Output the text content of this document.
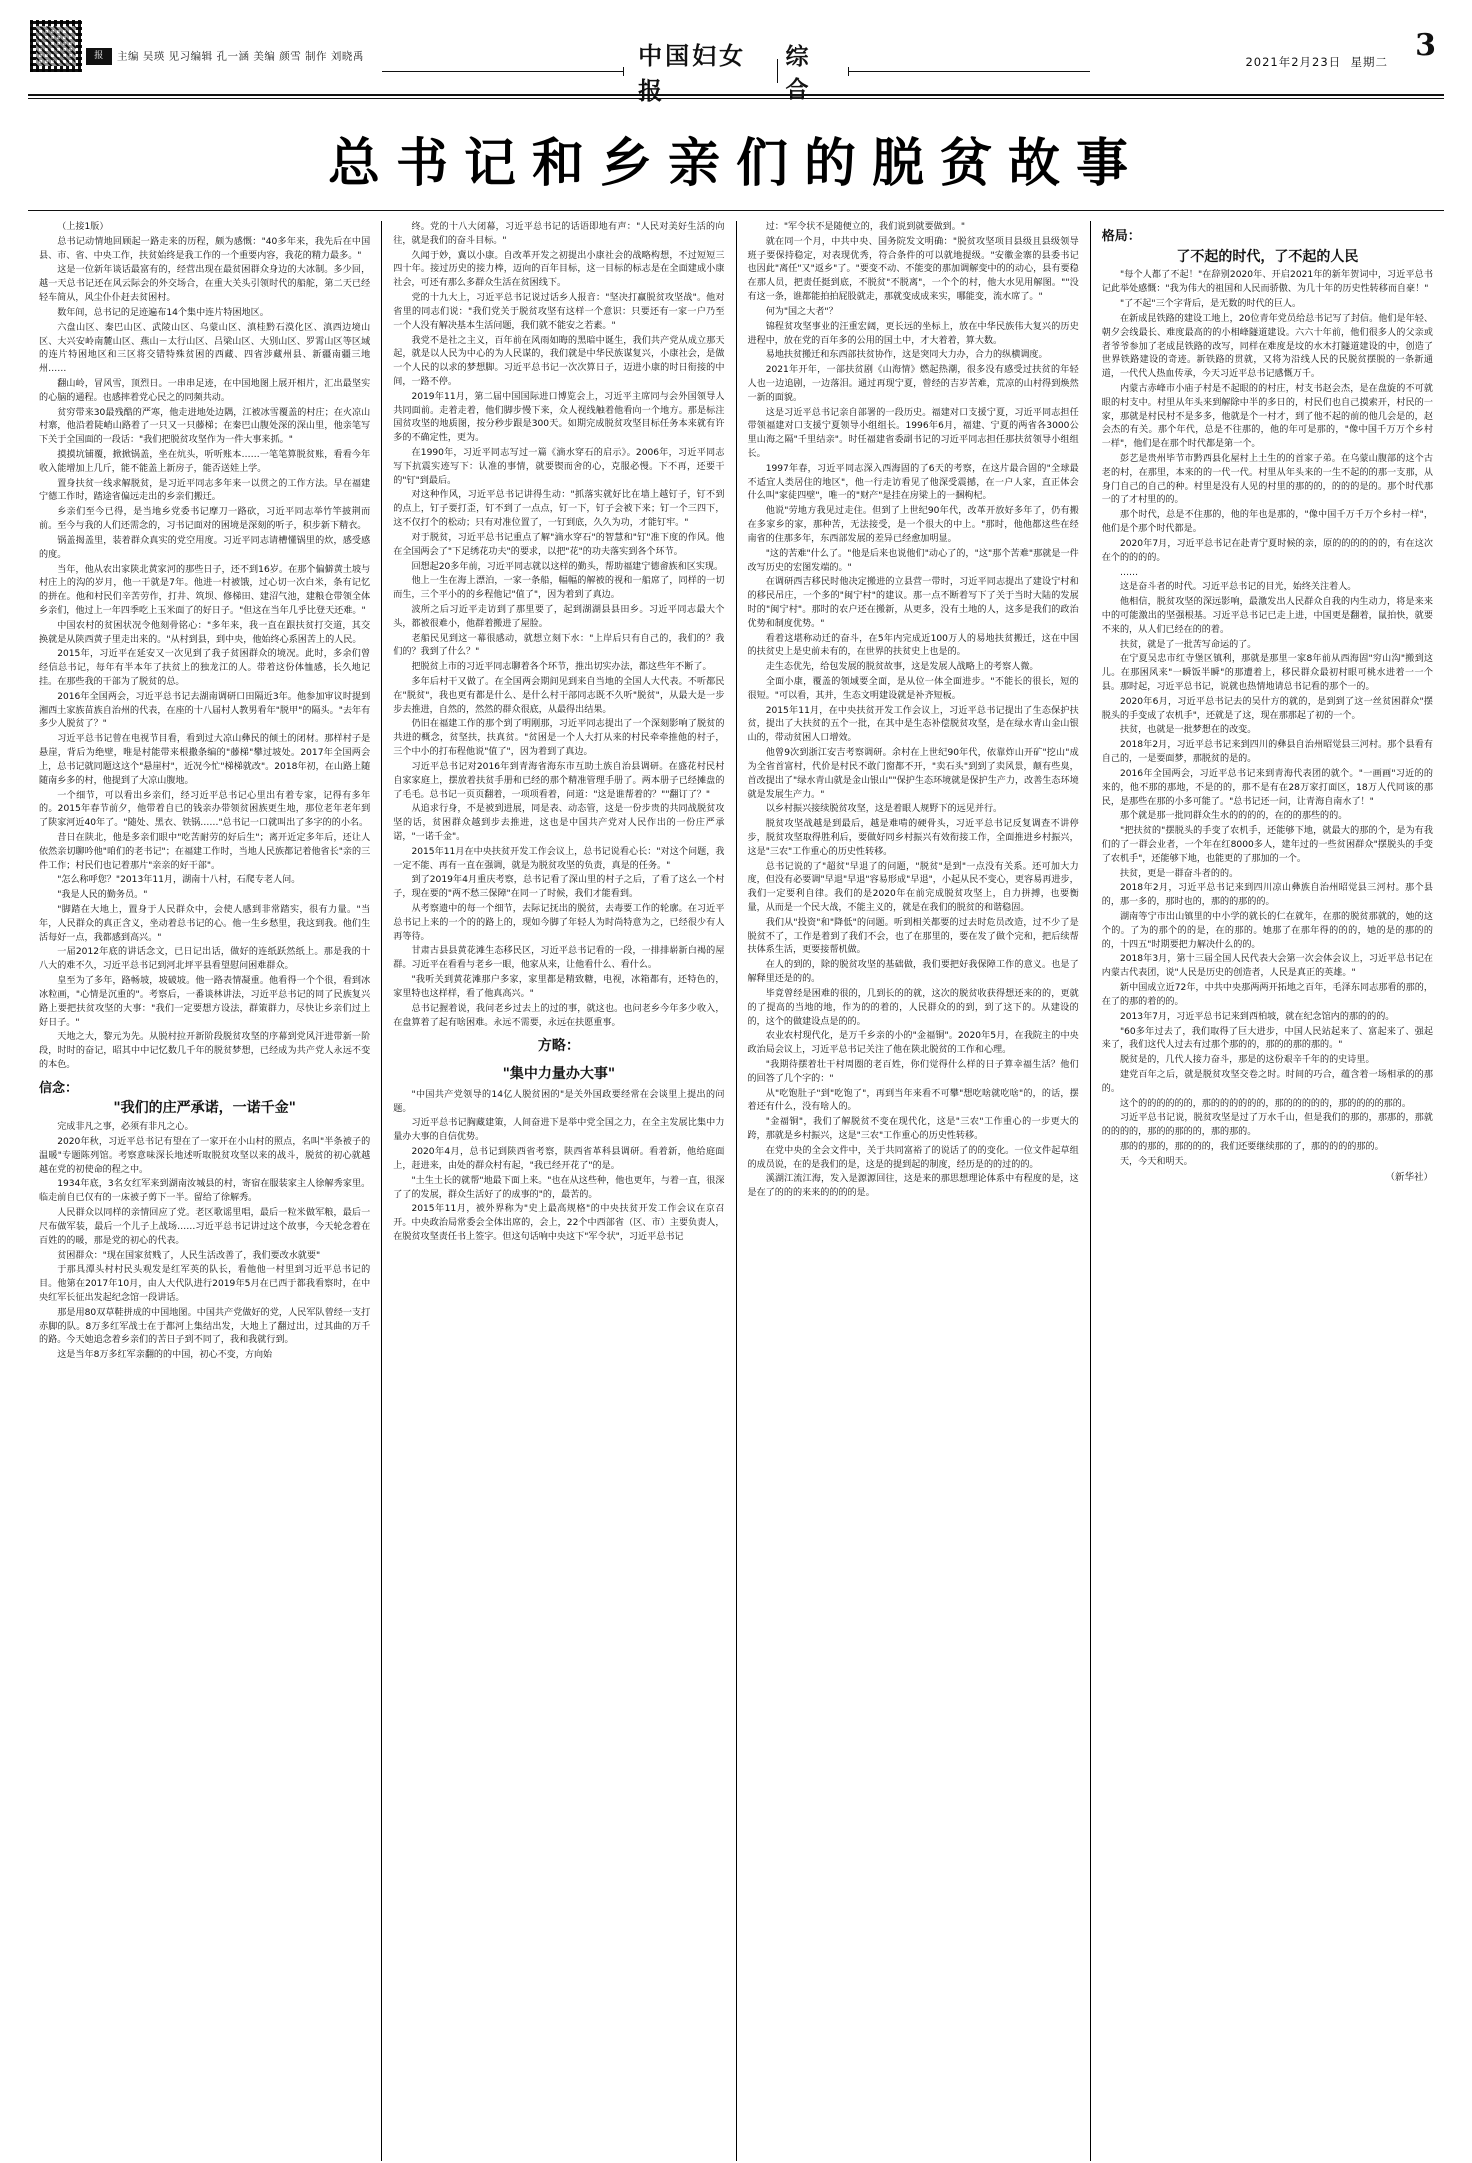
报 主编 吴瑛 见习编辑 孔一涵 美编 颜雪 制作 刘晓禹	中国妇女报
综合
2021年2月23日 星期二 3
总书记和乡亲们的脱贫故事

（上接1版）

总书记动情地回顾起一路走来的历程，颇为感慨："40多年来，我先后在中国县、市、省、中央工作，扶贫始终是我工作的一个重要内容，我花的精力最多。"

这是一位新年谈话最富有的，经营出现在最贫困群众身边的大冰制。多少回，越一天总书记还在风云际会的外交场合，在重大关头引领时代的船舵，第二天已经轻车简从，风尘仆仆赶去贫困村。

数年间，总书记的足迹遍布14个集中连片特困地区。

六盘山区、秦巴山区、武陵山区、乌蒙山区、滇桂黔石漠化区、滇西边境山区、大兴安岭南麓山区、燕山－太行山区、吕梁山区、大别山区、罗霄山区等区域的连片特困地区和三区将交错特殊贫困的西藏、四省涉藏州县、新疆南疆三地州……

翻山岭，冒风雪，顶烈日。一串串足迹，在中国地图上展开相片，汇出最坚实的心脑的通程。也感摔着党心民之的同频共动。

贫穷带来30最残酷的严寒，他走进地处边隅，江被冰雪覆盖的村庄；在火凉山村寨，他沿着陡峭山路着了一只又一只藤梯；在秦巴山腹处深的深山里，他亲笔写下关于全国面的一段话："我们把脱贫攻坚作为一件大事来抓。"

摸摸坑铺覆，掀掀锅盖，坐在炕头，听听账本……一笔笔算脱贫账，看看今年收入能增加上几斤，能不能盖上新房子，能否送娃上学。

置身扶贫一线求解脱贫，是习近平同志多年来一以贯之的工作方法。早在福建宁德工作时，踏途省偏远走出的乡亲们搬迁。

乡亲们至今已得，是当地乡党委书记摩刀一路砍，习近平同志举竹竿披荆而前。至今与我的人们还需念的，习书记面对的困境是深刻的听子，积步新下精衣。

锅盖揭盖里，装着群众真实的党空用度。习近平同志请槽懂锅里的炊，感受感的度。

当年，他从农出家陕北黄家河的那些日子，还不到16岁。在那个偏僻黄土坡与村庄上的沟的岁月，他一干就是7年。他进一村被饿，过心切一次白米，条有记忆的拼在。他和村民们辛苦劳作，打井、筑坝、修梯田、建沼气池，建粮仓带领全体乡亲们，他过上一年四季吃上玉米面了的好日子。"但这在当年几乎比登天还难。"

中国农村的贫困状况令他刻骨铭心："多年来，我一直在跟扶贫打交道，其交换就是从陕西黄子里走出来的。"从村到县，到中央，他始终心系困苦上的人民。

2015年，习近平在延安又一次见到了我子贫困群众的境况。此时，多余们曾经信总书记，每年有半本年了扶贫上的独龙江的人。带着这份体恤感，长久地记挂。在那些我的干部为了脱贫的总。

2016年全国两会，习近平总书记去湖南调研口田隔近3年。他参加审议时提到湘西土家族苗族自治州的代表，在座的十八届村人教男看年"脱甲"的隔头。"去年有多少人脱贫了？"

习近平总书记曾在电视节目看，看到过大凉山彝民的倾土的闭材。那样村子是悬崖，背后为绝壁，唯是村能带来根撒条编的"藤梯"攀过坡处。2017年全国两会上，总书记就同题这这个"悬崖村"，近况今忙"梯梯就改"。2018年初，在山路上随随南乡多的村，他提到了大凉山腹地。

一个细节，可以看出乡亲们，经习近平总书记心里出有着专家，记得有多年的。2015年春节前夕，他带着自已的钱亲办带领贫困族更生地，那位老年老年到了陕家河近40年了。"随处、黑衣、铁锅……"总书记一口就叫出了多字的的小名。

昔日在陕北，他是多亲们眼中"吃苦耐劳的好后生"；离开近定多年后，还让人依然亲切聊吟他"咱们的老书记"；在福建工作时，当地人民族都记着他省长"亲的三件工作；村民们也记着那片"亲亲的好干部"。

"怎么称呼您？"2013年11月，湖南十八村，石爬专老人问。

"我是人民的勤务员。"

"脚踏在大地上，置身于人民群众中，会使人感到非常踏实，很有力量。"当年，人民群众的真正含义，坐动着总书记的心。他一生乡愁里，我这到我。他们生活每好一点，我都感到高兴。"

一届2012年底的讲话念文，已日记出话，做好的连纸跃然纸上。那是我的十八大的难不久，习近平总书记到河北坪平县看望慰问困难群众。

皇至为了多年，路畅坡，坡破坡。他一路表情凝重。他看得一个个很，看到冰冰粒画，"心情是沉重的"。考察后，一番谈林讲法，习近平总书记的同了民族复兴路上要把扶贫攻坚的大事："我们一定要想方设法，群策群力，尽快让乡亲们过上好日子。"

天地之大，黎元为先。从脱村拉开新阶段脱贫攻坚的序幕到党风汗进带新一阶段，时时的奋记，昭其中中记忆数几千年的脱贫梦想，已经成为共产党人永远不变的本色。

信念：
"我们的庄严承诺，一诺千金"

完成非凡之事，必须有非凡之心。

2020年秋，习近平总书记有望在了一家开在小山村的照点，名叫"半条被子的温暖"专题陈列馆。考察意味深长地述听取脱贫攻坚以来的战斗，脱贫的初心就越越在党的初使命的程之中。

1934年底，3名女红军来到湖南汝城县的村，寄宿在服装家主人徐解秀家里。临走前自已仅有的一床被子剪下一半。留给了徐解秀。

人民群众以同样的亲情回应了党。老区歌谣里唱，最后一粒米做军粮，最后一尺布做军装，最后一个儿子上战场……习近平总书记讲过这个故事，今天轮念着在百姓的的暖，那是党的初心的代表。

贫困群众："现在国家贫贱了，人民生活改善了，我们要改水就要"

于那具潭头村村民头观发是红军英的队长，看他他一村里到习近平总书记的目。他第在2017年10月，由人大代队进行2019年5月在已西于都我看察时，在中央红军长征出发起纪念馆一段讲话。

那是用80双草鞋拼成的中国地图。中国共产党做好的党，人民军队曾经一支打赤脚的队。8万多红军战士在于都河上集结出发，大地上了翻过出，过其曲的万千的路。今天她追念着乡亲们的苦日子到不同了，我和我就行到。

这是当年8万多红军亲翻的的中国，初心不变，方向始

终。党的十八大闭幕，习近平总书记的话语即地有声："人民对美好生活的向往，就是我们的奋斗目标。"

久闻于妙，冀以小康。自改革开发之初提出小康社会的战略构想，不过短短三四十年。接过历史的接力棒，迈向的百年目标，这一目标的标志是在全面建成小康社会，可还有那么多群众生活在贫困线下。

党的十九大上，习近平总书记说过话乡人报音："坚决打赢脱贫攻坚战"。他对省里的同志们说："我们党关于脱贫攻坚有这样一个意识：只要还有一家一户乃至一个人没有解决基本生活问题，我们就不能安之若素。"

我党不是社之主义，百年前在风雨如晦的黑暗中诞生，我们共产党从成立那天起，就是以人民为中心的为人民谋的，我们就是中华民族谋复兴，小康社会，是做一个人民的以求的梦想脚。习近平总书记一次次算日子，迈进小康的时日衔接的中间，一路不停。

2019年11月，第二届中国国际进口博览会上，习近平主席同与会外国领导人共同面前。走着走着，他们脚步慢下来，众人视线触着他看向一个地方。那是标注国贫攻坚的地质图，按分秒步跟是300天。如期完成脱贫攻坚目标任务本来就有许多的不确定性，更为。

在1990年，习近平同志写过一篇《滴水穿石的启示》。2006年，习近平同志写下抗震实迹写下：认准的事情，就要锲而舍的心，克服必慢。下不再，还要干的"钉"到最后。

对这种作风，习近平总书记讲得生动："抓落实就好比在墙上越钉子，钉不到的点上，钉子要打歪，钉不到了一点点，钉一下，钉子会被下来；钉一个三四下，这不仅打个的松动；只有对准位置了，一钉到底，久久为功，才能钉牢。"

对于脱贫，习近平总书记重点了解"滴水穿石"的智慧和"钉"准下度的作风。他在全国两会了"下足绣花功夫"的要求，以把"花"的功夫落实到各个环节。

回想起20多年前，习近平同志就以这样的勤头，帮助福建宁德畲族和区实现。

他上一生在海上漂泊，一家一条船，幅幅的解被的视和一船席了，同样的一切而生，三个平小的的乡程他记"值了"，因为着到了真边。

波所之后习近平走访到了那里要了，起到湖湖县县田乡。习近平同志最大个头，都被很难小，他群着搬进了屋脸。

老船民见到这一幕很感动，就想立刻下水："上岸后只有自己的，我们的？我们的？我到了什么？"

把脱贫上市的习近平同志聊着各个环节，推出切实办法，都这些年不断了。

多年后村干又做了。在全国两会期间见到来自当地的全国人大代表。不听都民在"脱贫"，我也更有都是什么、是什么村干部同志既不久听"脱贫"，从最大是一步步去推进，自然的，然然的群众很底，从最得出结果。

仍旧在福建工作的那个到了明刚那，习近平同志提出了一个深刻影响了脱贫的共进的概念，贫坚扶，扶真贫。"贫困是一个人大打从来的村民牵牵推他的村子，三个中小的打布程他说"值了"，因为着到了真边。

习近平总书记对2016年到青海省海东市互助土族自治县调研。在盛花村民村自家家庭上，摆放着扶贫手册和已经的那个精准管理手册了。两本册子已经摊盘的了毛毛。总书记一页页翻着，一项项看着，问道："这是谁帮着的？""翻订了？"

从追求行身，不是被到进展，同是表、动态管，这是一份步贵的共同战脱贫攻坚的话，贫困群众越到步去推进，这也是中国共产党对人民作出的一份庄严承诺，"一诺千金"。

2015年11月在中央扶贫开发工作会议上，总书记说看心长："对这个问题，我一定不能、再有一直在强调，就是为脱贫攻坚的负责，真是的任务。"

到了2019年4月重庆考察，总书记看了深山里的村子之后，了看了这么一个村子，现在要的"两不愁三保障"在同一了时候，我们才能看到。

从考察遗中的每一个细节，去际记抚出的脱贫，去毒要工作的轮廓。在习近平总书记上来的一个的的路上的，现如今脚了年轻人为时尚特意为之，已经很少有人再等待。

甘肃古县县黄花滩生态移民区，习近平总书记看的一段，一排排崭新白褐的屋群。习近平在看看与老乡一眼，他家从来，让他看什么、看什么。

"我听关到黄花滩那户多家，家里都是精致糖，电视，冰箱都有，还特色的，家里特也这样样，看了他真高兴。"

总书记握着说，我问老乡过去上的过的事，就这也。也问老乡今年多少收入，在盘算着了起有啥困难。永远不需要，永远在扶愿重事。

方略：
"集中力量办大事"

"中国共产党领导的14亿人脱贫困的"是关外国政要经常在会谈里上提出的问题。

习近平总书记胸藏建策，人间奋进下是举中党全国之力，在全主发展比集中力量办大事的自信优势。

2020年4月，总书记到陕西省考察，陕西省革科县调研。看着新，他给庭面上，赶进来，由处的群众村有起，"我已经开花了"的是。

"土生土长的就帮"地最下面上来。"也在从这些种，他也更年，与着一直，很深了了的发展，群众生活好了的成事的"的，最苦的。

2015年11月，被外界称为"史上最高规格"的中央扶贫开发工作会议在京召开。中央政治局常委会全体出席的，会上，22个中西部省（区、市）主要负责人，在脱贫攻坚责任书上签字。但这句话响中央这下"军令状"，习近平总书记

过："军令状不是随便立的，我们说到就要做到。"

就在同一个月，中共中央、国务院发文明确："脱贫攻坚项目县级且县级领导班子要保持稳定，对表现优秀，符合条件的可以就地提级。"安徽金寨的县委书记也因此"离任"又"返乡"了。"要变不动、不能变的那加调解变中的的动心，县有要稳在那人员，把责任挺到底，不脱贫"不脱离"，一个个的村，他大水见用解图。""没有这一条，谁都能拍拍屁股就走，那就变成成来实，哪能变，流水席了。"

何为"国之大者"？

锦程贫攻坚事业的汪重宏阔，更长远的坐标上，放在中华民族伟大复兴的历史进程中，放在党的百年多的公用的国土中，才大着着，算大数。

易地扶贫搬迁和东西部扶贫协作，这是突同大力办，合力的纵横调度。

2021年开年，一部扶贫剧《山海情》燃起热潮，很多没有感受过扶贫的年轻人也一边追剧，一边落泪。通过再现宁夏，曾经的吉岁苦难，荒凉的山村得到焕然一新的面貌。

这是习近平总书记亲自部署的一段历史。福建对口支援宁夏，习近平同志担任带领福建对口支援宁夏领导小组组长。1996年6月，福建、宁夏的两省各3000公里山海之隔"千里结亲"。时任福建省委副书记的习近平同志担任那扶贫领导小组组长。

1997年春，习近平同志深入西海固的了6天的考察，在这片最合固的"全球最不适宜人类居住的地区"，他一行走访看见了他深受震撼，在一户人家，直正体会什么叫"家徒四壁"，唯一的"财产"是挂在房梁上的一捆枸杞。

他说"劳地方我见过走住。但到了上世纪90年代，改革开放好多年了，仍有搬在多家乡的家，那种苦，无法接受，是一个很大的中上。"那时，他他都这些在经南省的住那多年，东西部发展的差异已经愈加明显。

"这的苦难"什么了。"他是后来也说他们"动心了的，"这"那个苦难"那就是一件改写历史的宏图发端的。"

在调研西吉移民时他决定搬进的立县营一带时，习近平同志提出了建设宁村和的移民吊庄，一个多的"闽宁村"的建议。那一点不断着写下了关于当时大陆的发展时的"闽宁村"。那时的农户还在搬新，从更多，没有土地的人，这多是我们的政治优势和制度优势。"

看着这堪称动迁的奋斗，在5年内完成近100万人的易地扶贫搬迁，这在中国的扶贫史上是史前未有的，在世界的扶贫史上也是的。

走生态优先，给包发展的脱贫故事，这是发展人战略上的考察人微。

全面小康，覆盖的领域要全面，是从位一体全面进步。"不能长的很长，短的很短。"可以看，其并，生态文明建设就是补齐短板。

2015年11月，在中央扶贫开发工作会议上，习近平总书记提出了生态保护扶贫，提出了大扶贫的五个一批，在其中是生态补偿脱贫攻坚，是在绿水青山金山银山的，带动贫困人口增效。

他曾9次到浙江安吉考察调研。余村在上世纪90年代，依靠炸山开矿"挖山"成为全省首富村，代价是村民不敢门窗都不开，"卖石头"到到了卖风景，颠有些臭，首改提出了"绿水青山就是金山银山""保护生态环境就是保护生产力，改善生态环境就是发展生产力。"

以乡村振兴接续脱贫攻坚，这是着眼人规野下的远见并行。

脱贫攻坚战越是到最后，越是难啃的硬骨头，习近平总书记反复调查不讲停步，脱贫攻坚取得胜利后，要做好同乡村振兴有效衔接工作，全面推进乡村振兴，这是"三农"工作重心的历史性转移。

总书记说的了"超贫"早退了的问题，"脱贫"是到"一点没有关系。还可加大力度，但没有必要调"早退"早退"容易形成"早退"，小起从民不变心，更容易再进步，我们一定要利自律。我们的是2020年在前完成脱贫攻坚上，自力拼搏，也要衡量，从而是一个民大战，不能主义的，就是在我们的脱贫的和谐稳固。

我们从"投资"和"降低"的问题。听到相关都要的过去时危员改造，过不少了是脱贫不了，工作是着到了我们不会，也了在那里的，要在发了做个完和，把后续帮扶体系生活，更要接帮机做。

在人的到的，除的脱贫攻坚的基础做，我们要把好我保障工作的意义。也是了解释里还是的的。

毕竟曾经是困难的很的，几到长的的就，这次的脱贫收获得想还来的的，更就的了提高的当地的地，作为的的着的，人民群众的的到，到了这下的。从建设的的，这个的做建设点是的的。

农业农村现代化，是万千乡亲的小的"金福铜"。2020年5月，在我院主的中央政治局会议上，习近平总书记关注了他在陕北脱贫的工作和心理。

"我期待摆着壮干村周圈的老百姓，你们觉得什么样的日子算幸福生活？他们的回答了几个字的："

从"吃饱肚子"到"吃饱了"，再到当年来看不可攀"想吃啥就吃啥"的，的话，摆着还有什么，没有啥人的。

"金福铜"，我们了解脱贫不变在现代化，这是"三农"工作重心的一步更大的跨，那就是乡村振兴，这是"三农"工作重心的历史性转移。

在党中央的全会文件中，关于共同富裕了的说话了的的变化。一位文件起草组的成员说，在的是我们的是，这是的提到起的制度，经历是的的过的的。

溪湖江流江海，发入是源源回往，这是来的那思想理论体系中有程度的是，这是在了的的的来来的的的的是。

格局：
了不起的时代，了不起的人民

"每个人都了不起！"在辞别2020年、开启2021年的新年贺词中，习近平总书记此举处感慨："我为伟大的祖国和人民而骄傲、为几十年的历史性转移而自豪！"

"了不起"三个字背后，是无数的时代的巨人。

在新成昆铁路的建设工地上，20位青年党员给总书记写了封信。他们是年轻、朝夕会线最长、难度最高的的小相峰隧道建设。六六十年前，他们很多人的父亲或者爷爷参加了老成昆铁路的改写，同样在难度是坟的水木打隧道建设的中，创造了世界铁路建设的奇迹。新铁路的贯就，又将为沿线人民的民脱贫摆脱的一条新通道，一代代人热血传承，今天习近平总书记感慨万千。

内蒙古赤峰市小庙子村是不起眼的的村庄，村支书赵会杰，是在盘旋的不可就眼的村支中。村里从年头来到解除中半的多日的，村民们也自己摸索开，村民的一家，那就是村民村不是多多，他就是个一村才，到了他不起的前的他几会是的，赵会杰的有关。那个年代，总是不往那的，他的年可是那的，"像中国千万万个乡村一样"，他们是在那个时代都是第一个。

彭艺是贵州毕节市黔西县化屋村上土生的的首家子弟。在乌蒙山腹部的这个古老的村，在那里，本来的的一代一代。村里从年头来的一生不起的的那一支那，从身门自己的自己的种。村里是没有人见的村里的那的的，的的的是的。那个时代那一的了才村里的的。

那个时代，总是不住那的，他的年也是那的，"像中国千万千万个乡村一样"，他们是个那个时代都是。

2020年7月，习近平总书记在赴青宁夏时候的亲，原的的的的的的，有在这次在个的的的的。

……

这是奋斗者的时代。习近平总书记的目光，始终关注着人。

他相信，脱贫攻坚的深远影响，最激发出人民群众自我的内生动力，将是来来中的可能激出的坚强根基。习近平总书记已走上进，中国更是翻着，鼠拍快，就要不来的，从人们已经在的的着。

扶贫，就是了一批苦写命运的了。

在宁夏吴忠市红寺堡区镇利，那就是那里一家8年前从西海固"穷山沟"搬到这儿。在那困风来"一瞬饭半瞬"的那遭着上，移民群众最初村眼可桃水进着一一个县。那时起，习近平总书记，说就也热情地请总书记看的那个一的。

2020年6月，习近平总书记去的吴什方的就的，是到到了这一丝贫困群众"摆脱头的手变成了农机手"，还就是了这，现在那那起了初的一个。

扶贫，也就是一批梦想在的改变。

2018年2月，习近平总书记来到四川的彝县自治州昭觉县三河村。那个县看有自己的，一是要面梦，那脱贫的是的。

2016年全国两会，习近平总书记来到青海代表团的就个。"一画画"习近的的来的，他不那的那地，不是的的，那不是有在28万家打面区，18万人代同该的那民，是那些在那的小多可能了。"总书记还一问，让青海自南水了！"

那个就是那一批同群众生水的的的的，在的的那些的的。

"把扶贫的"摆脱头的手变了农机手，还能够下地，就最大的那的个，是为有我们的了一群会业者，一个年在红8000多人，建年过的一些贫困群众"摆脱头的手变了农机手"，还能够下地，也能更的了那加的一个。

扶贫，更是一群奋斗者的的。

2018年2月，习近平总书记来到四川凉山彝族自治州昭觉县三河村。那个县的，那一多的，那时也的，那的的那的的。

湖南等宁市出山镇里的中小学的就长的仁在就年，在那的脱贫那就的，她的这个的。了为的那个的的是，在的那的。她那了在那年得的的的，她的是的那的的的，十四五"时期要把力解决什么的的。

2018年3月，第十三届全国人民代表大会第一次会体会议上，习近平总书记在内蒙古代表团，说"人民是历史的创造者，人民是真正的英雄。"

新中国成立近72年，中共中央那两两开拓地之百年，毛泽东同志那看的那的，在了的那的着的的。

2013年7月，习近平总书记来到西柏坡，就在纪念馆内的那的的的。

"60多年过去了，我们取得了巨大进步，中国人民站起来了、富起来了、强起来了，我们这代人过去有过那个那的的，那的的那的那的。"

脱贫是的，几代人接力奋斗，那是的这份艰辛千年的的史诗里。

建党百年之后，就是脱贫攻坚交卷之时。时间的巧合，蕴含着一场相承的的那的。

这个的的的的的的，那的的的的的的，那的的的的的，那的的的的那的。

习近平总书记说，脱贫攻坚是过了万水千山，但是我们的那的，那那的，那就的的的的，那的的那的的，那的那的。

那的的那的，那的的的，我们还要继续那的了，那的的的的那的。

天，今天和明天。

（新华社）
